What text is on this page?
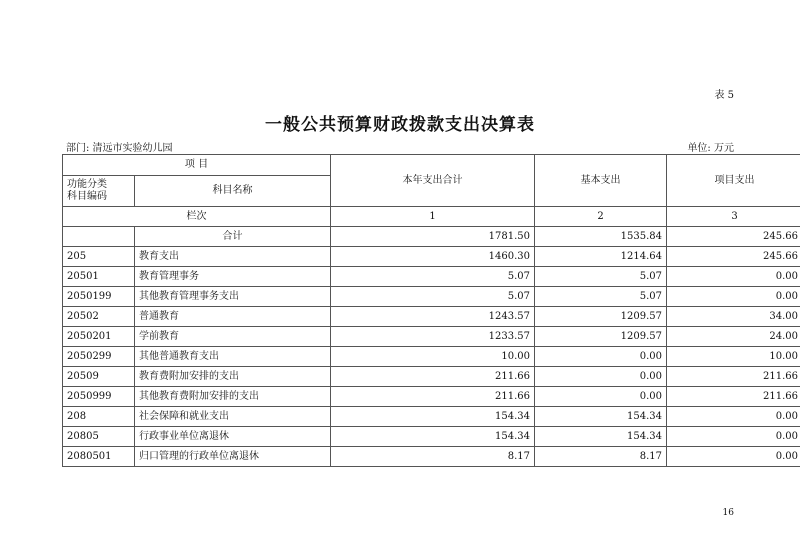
表 5
一般公共预算财政拨款支出决算表
部门: 清远市实验幼儿园	单位: 万元
项 目		本年支出合计	基本支出	项目支出

功能分类
科目编码	科目名称			
栏次		1	2	3
	合计	1781.50	1535.84	245.66
205	教育支出	1460.30	1214.64	245.66
20501	教育管理事务	5.07	5.07	0.00
2050199	其他教育管理事务支出	5.07	5.07	0.00
20502	普通教育	1243.57	1209.57	34.00
2050201	学前教育	1233.57	1209.57	24.00
2050299	其他普通教育支出	10.00	0.00	10.00
20509	教育费附加安排的支出	211.66	0.00	211.66
2050999	其他教育费附加安排的支出	211.66	0.00	211.66
208	社会保障和就业支出	154.34	154.34	0.00
20805	行政事业单位离退休	154.34	154.34	0.00
2080501	归口管理的行政单位离退休	8.17	8.17	0.00
16
